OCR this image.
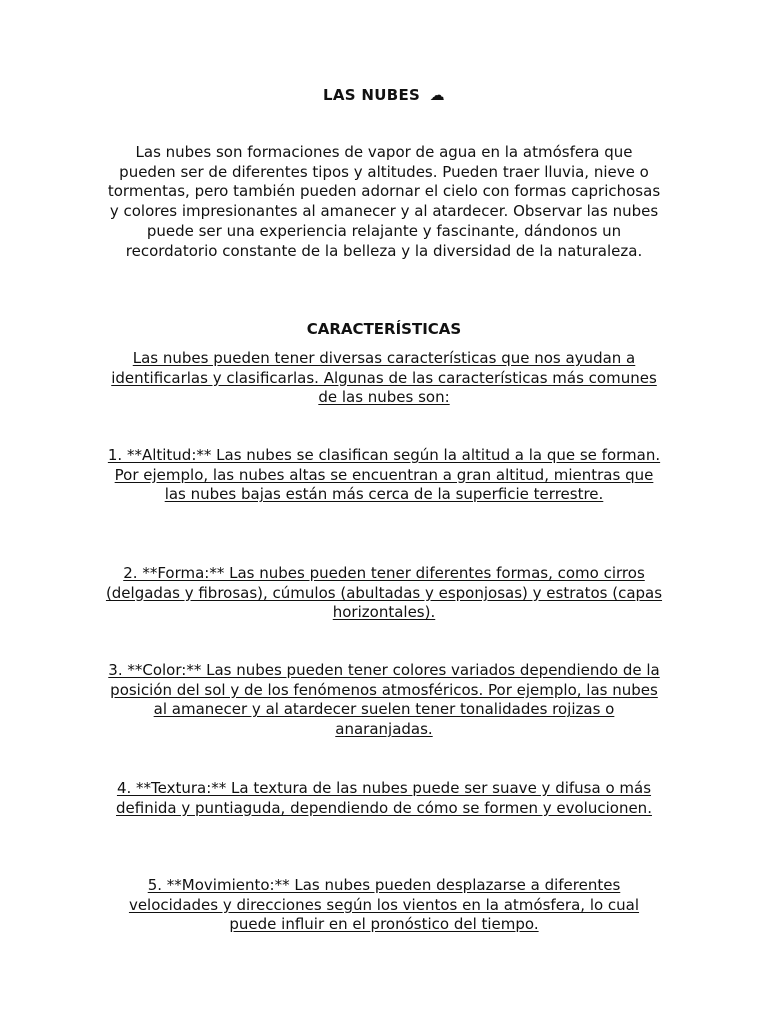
LAS NUBES ☁
Las nubes son formaciones de vapor de agua en la atmósfera que pueden ser de diferentes tipos y altitudes. Pueden traer lluvia, nieve o tormentas, pero también pueden adornar el cielo con formas caprichosas y colores impresionantes al amanecer y al atardecer. Observar las nubes puede ser una experiencia relajante y fascinante, dándonos un recordatorio constante de la belleza y la diversidad de la naturaleza.
CARACTERÍSTICAS
Las nubes pueden tener diversas características que nos ayudan a identificarlas y clasificarlas. Algunas de las características más comunes de las nubes son:
1. **Altitud:** Las nubes se clasifican según la altitud a la que se forman. Por ejemplo, las nubes altas se encuentran a gran altitud, mientras que las nubes bajas están más cerca de la superficie terrestre.
2. **Forma:** Las nubes pueden tener diferentes formas, como cirros (delgadas y fibrosas), cúmulos (abultadas y esponjosas) y estratos (capas horizontales).
3. **Color:** Las nubes pueden tener colores variados dependiendo de la posición del sol y de los fenómenos atmosféricos. Por ejemplo, las nubes al amanecer y al atardecer suelen tener tonalidades rojizas o anaranjadas.
4. **Textura:** La textura de las nubes puede ser suave y difusa o más definida y puntiaguda, dependiendo de cómo se formen y evolucionen.
5. **Movimiento:** Las nubes pueden desplazarse a diferentes velocidades y direcciones según los vientos en la atmósfera, lo cual puede influir en el pronóstico del tiempo.
